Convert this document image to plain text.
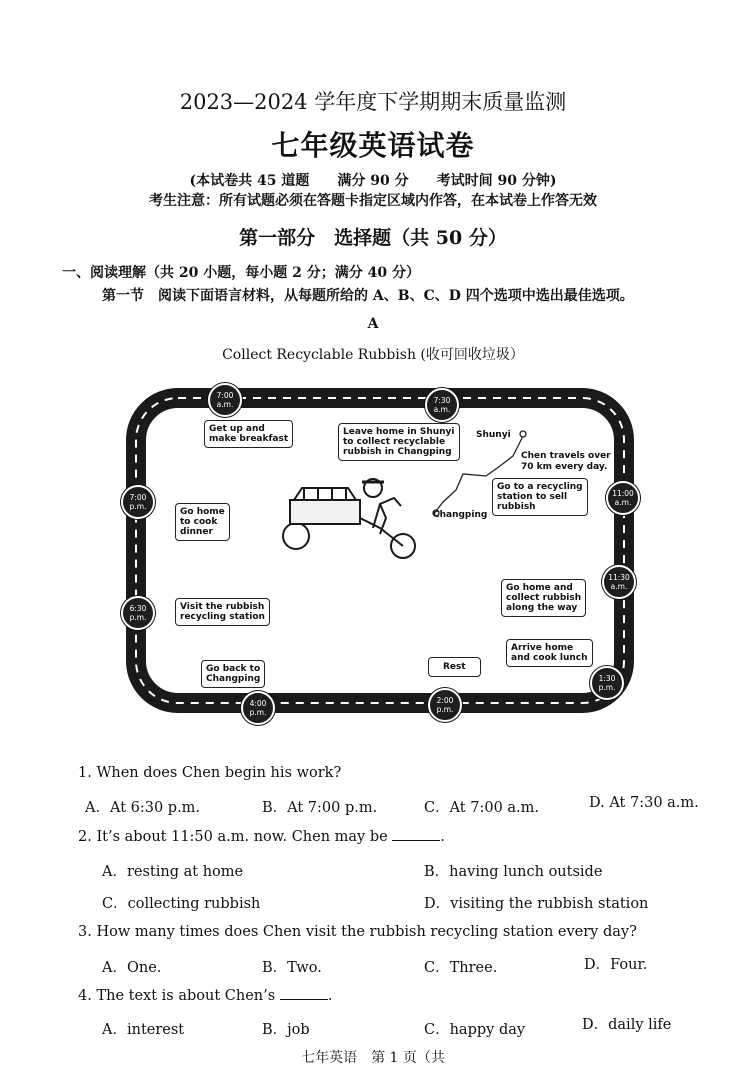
2023—2024 学年度下学期期末质量监测
七年级英语试卷
(本试卷共 45 道题　　满分 90 分　　考试时间 90 分钟)
考生注意：所有试题必须在答题卡指定区域内作答，在本试卷上作答无效
第一部分　选择题（共 50 分）
一、阅读理解（共 20 小题，每小题 2 分；满分 40 分）
第一节　阅读下面语言材料，从每题所给的 A、B、C、D 四个选项中选出最佳选项。
A
Collect Recyclable Rubbish (收可回收垃圾）
7:00
a.m.	7:30
a.m.
11:00
a.m.
11:30
a.m.
1:30
p.m.
2:00
p.m.
4:00
p.m.
6:30
p.m.
7:00
p.m.
Get up and
make breakfast
Leave home in Shunyi
to collect recyclable
rubbish in Changping
Go to a recycling
station to sell
rubbish
Go home and
collect rubbish
along the way
Arrive home
and cook lunch
Rest
Go back to
Changping
Visit the rubbish
recycling station
Go home
to cook
dinner
Shunyi
Changping
Chen travels over
70 km every day.
1. When does Chen begin his work?
A．At 6:30 p.m.	B．At 7:00 p.m.	C．At 7:00 a.m.	D. At 7:30 a.m.
2. It’s about 11:50 a.m. now. Chen may be	.
A．resting at home	B．having lunch outside
C．collecting rubbish	D．visiting the rubbish station
3. How many times does Chen visit the rubbish recycling station every day?
A．One.	B．Two.	C．Three.	D．Four.
4. The text is about Chen’s	.
A．interest	B．job	C．happy day	D．daily life
七年英语　第 1 页（共
